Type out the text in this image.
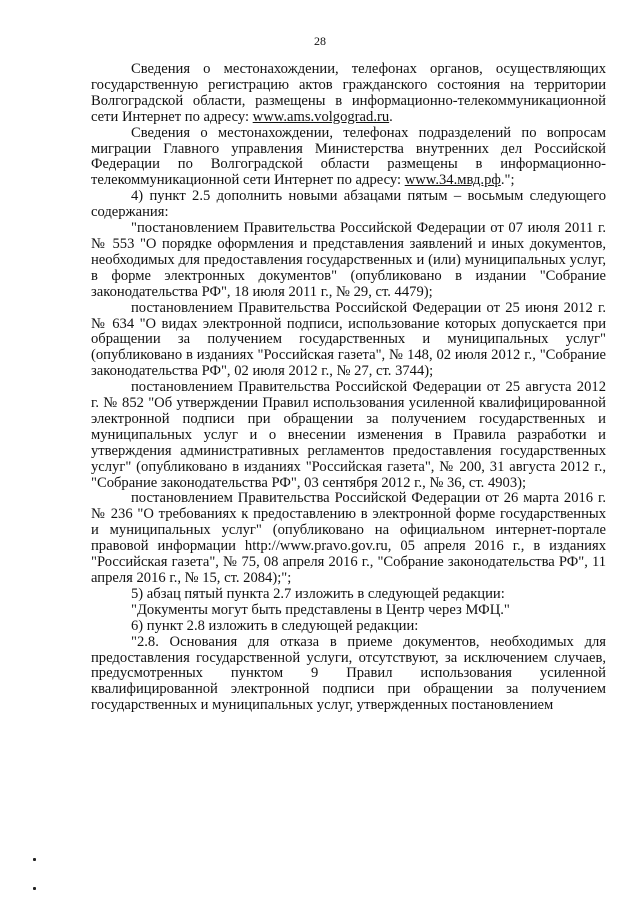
28

Сведения о местонахождении, телефонах органов, осуществляющих государственную регистрацию актов гражданского состояния на территории Волгоградской области, размещены в информационно-телекоммуникационной сети Интернет по адресу: www.ams.volgograd.ru.

Сведения о местонахождении, телефонах подразделений по вопросам миграции Главного управления Министерства внутренних дел Российской Федерации по Волгоградской области размещены в информационно-телекоммуникационной сети Интернет по адресу: www.34.мвд.рф.";

4) пункт 2.5 дополнить новыми абзацами пятым – восьмым следующего содержания:

"постановлением Правительства Российской Федерации от 07 июля 2011 г. № 553 "О порядке оформления и представления заявлений и иных документов, необходимых для предоставления государственных и (или) муниципальных услуг, в форме электронных документов" (опубликовано в издании "Собрание законодательства РФ", 18 июля 2011 г., № 29, ст. 4479);

постановлением Правительства Российской Федерации от 25 июня 2012 г. № 634 "О видах электронной подписи, использование которых допускается при обращении за получением государственных и муниципальных услуг" (опубликовано в изданиях "Российская газета", № 148, 02 июля 2012 г., "Собрание законодательства РФ", 02 июля 2012 г., № 27, ст. 3744);

постановлением Правительства Российской Федерации от 25 августа 2012 г. № 852 "Об утверждении Правил использования усиленной квалифицированной электронной подписи при обращении за получением государственных и муниципальных услуг и о внесении изменения в Правила разработки и утверждения административных регламентов предоставления государственных услуг" (опубликовано в изданиях "Российская газета", № 200, 31 августа 2012 г., "Собрание законодательства РФ", 03 сентября 2012 г., № 36, ст. 4903);

постановлением Правительства Российской Федерации от 26 марта 2016 г. № 236 "О требованиях к предоставлению в электронной форме государственных и муниципальных услуг" (опубликовано на официальном интернет-портале правовой информации http://www.pravo.gov.ru, 05 апреля 2016 г., в изданиях "Российская газета", № 75, 08 апреля 2016 г., "Собрание законодательства РФ", 11 апреля 2016 г., № 15, ст. 2084);";

5) абзац пятый пункта 2.7 изложить в следующей редакции:

"Документы могут быть представлены в Центр через МФЦ."

6) пункт 2.8 изложить в следующей редакции:

"2.8. Основания для отказа в приеме документов, необходимых для предоставления государственной услуги, отсутствуют, за исключением случаев, предусмотренных пунктом 9 Правил использования усиленной квалифицированной электронной подписи при обращении за получением государственных и муниципальных услуг, утвержденных постановлением
